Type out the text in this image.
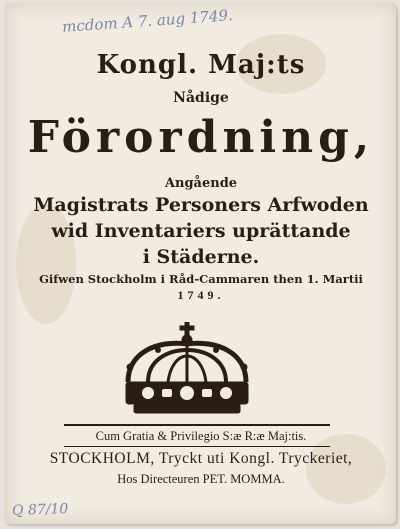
mcdom A 7. aug 1749.
Q 87/10
Kongl. Maj:ts
Nådige
Förordning,
Angående
Magistrats Personers Arfwoden
wid Inventariers uprättande
i Städerne.
Gifwen Stockholm i Råd-Cammaren then 1. Martii
1749.
Cum Gratia & Privilegio S:æ R:æ Maj:tis.
STOCKHOLM, Tryckt uti Kongl. Tryckeriet,
Hos Directeuren PET. MOMMA.
